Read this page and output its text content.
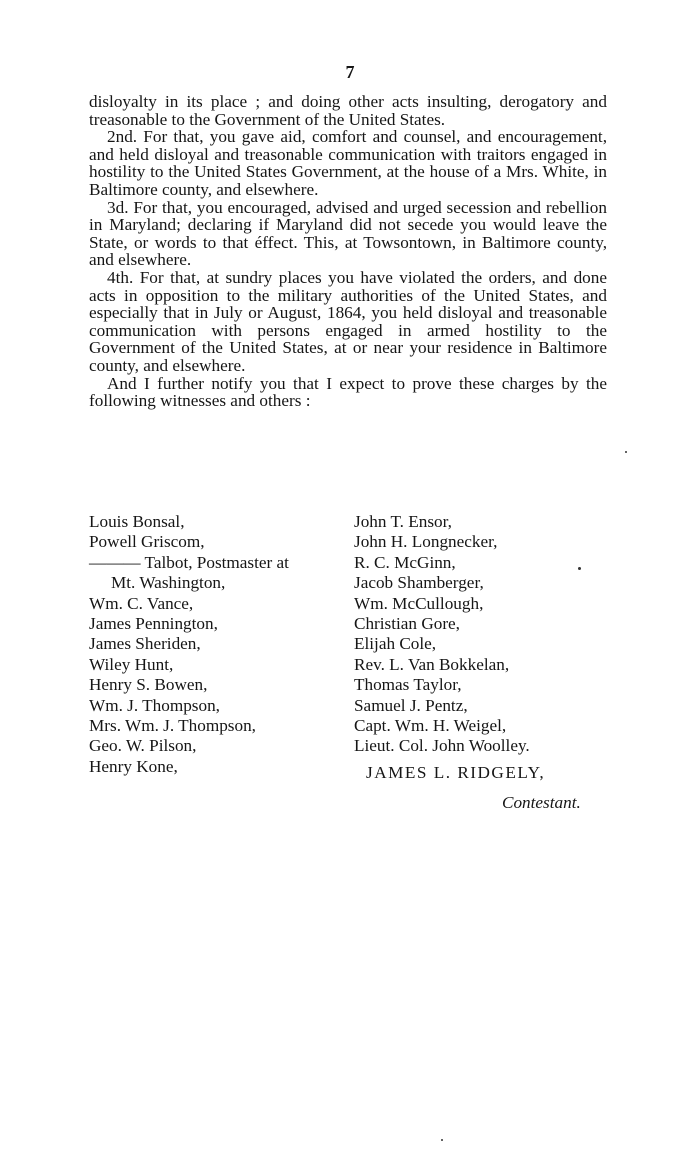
7

disloyalty in its place ; and doing other acts insulting, derogatory and treasonable to the Government of the United States.

2nd. For that, you gave aid, comfort and counsel, and encouragement, and held disloyal and treasonable communication with traitors engaged in hostility to the United States Government, at the house of a Mrs. White, in Baltimore county, and elsewhere.

3d. For that, you encouraged, advised and urged secession and rebellion in Maryland; declaring if Maryland did not secede you would leave the State, or words to that éffect. This, at Towsontown, in Baltimore county, and elsewhere.

4th. For that, at sundry places you have violated the orders, and done acts in opposition to the military authorities of the United States, and especially that in July or August, 1864, you held disloyal and treasonable communication with persons engaged in armed hostility to the Government of the United States, at or near your residence in Baltimore county, and elsewhere.

And I further notify you that I expect to prove these charges by the following witnesses and others :

Louis Bonsal,	John T. Ensor,
Powell Griscom,	John H. Longnecker,
——— Talbot, Postmaster at	R. C. McGinn,
Mt. Washington,	Jacob Shamberger,
Wm. C. Vance,	Wm. McCullough,
James Pennington,	Christian Gore,
James Sheriden,	Elijah Cole,
Wiley Hunt,	Rev. L. Van Bokkelan,
Henry S. Bowen,	Thomas Taylor,
Wm. J. Thompson,	Samuel J. Pentz,
Mrs. Wm. J. Thompson,	Capt. Wm. H. Weigel,
Geo. W. Pilson,	Lieut. Col. John Woolley.
Henry Kone,	JAMES L. RIDGELY,
Contestant.
